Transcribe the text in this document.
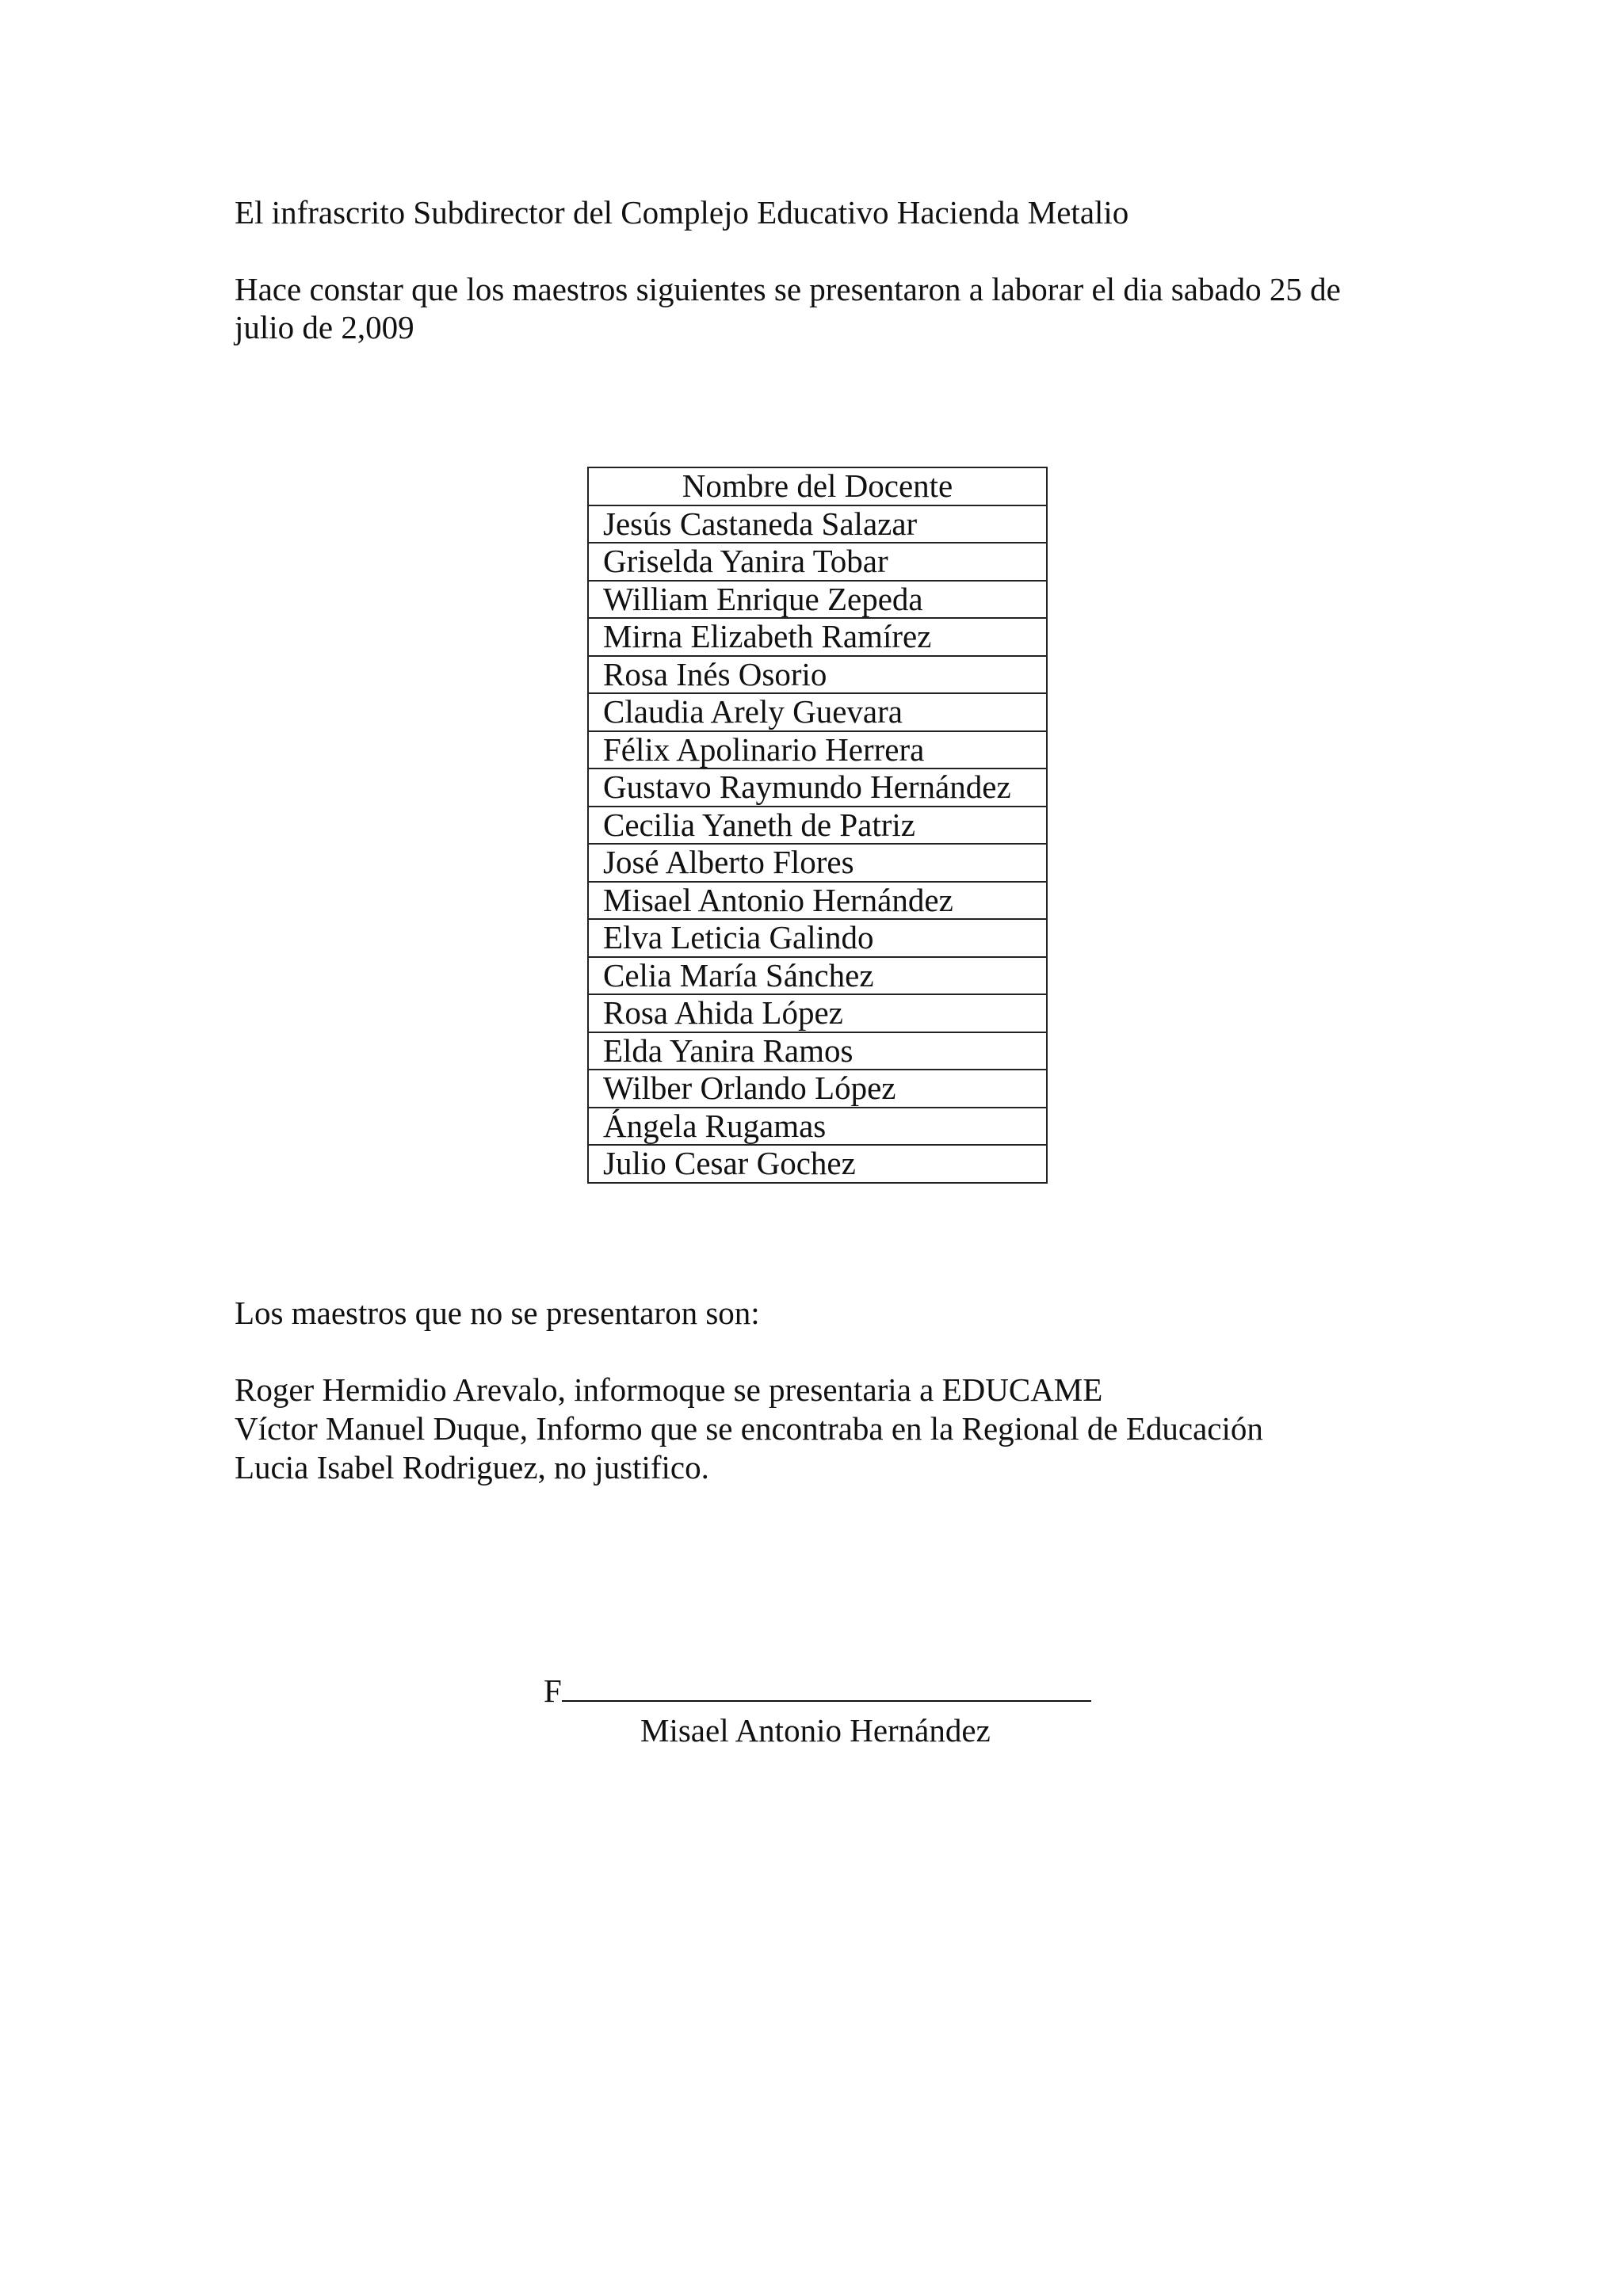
El infrascrito Subdirector del Complejo Educativo Hacienda Metalio

Hace constar que los maestros siguientes se presentaron a laborar el dia sabado 25 de
julio de 2,009

Nombre del Docente
Jesús Castaneda Salazar
Griselda Yanira Tobar
William Enrique Zepeda
Mirna Elizabeth Ramírez
Rosa Inés Osorio
Claudia Arely Guevara
Félix Apolinario Herrera
Gustavo Raymundo Hernández
Cecilia Yaneth de Patriz
José Alberto Flores
Misael Antonio Hernández
Elva Leticia Galindo
Celia María Sánchez
Rosa Ahida López
Elda Yanira Ramos
Wilber Orlando López
Ángela Rugamas
Julio Cesar Gochez

Los maestros que no se presentaron son:

Roger Hermidio Arevalo, informoque se presentaria a EDUCAME
Víctor Manuel Duque, Informo que se encontraba en la Regional de Educación
Lucia Isabel Rodriguez, no justifico.
F
Misael Antonio Hernández
